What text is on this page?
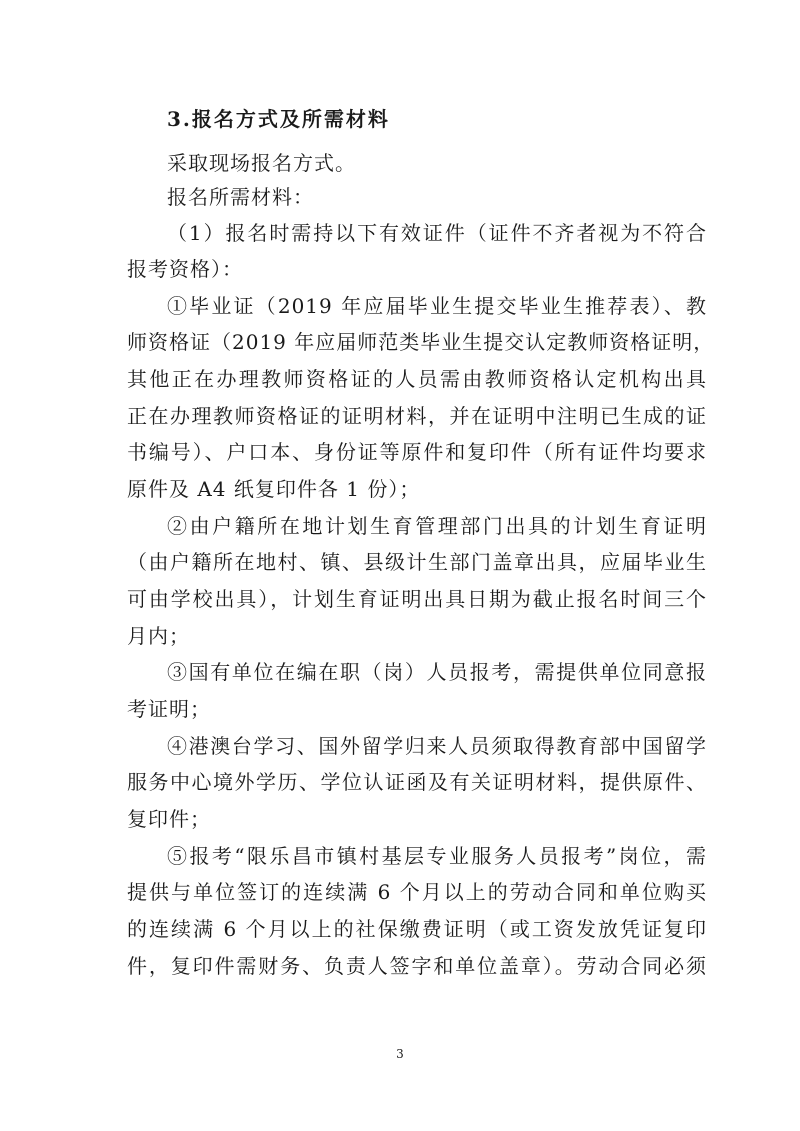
3.报名方式及所需材料
采取现场报名方式。
报名所需材料：
（1）报名时需持以下有效证件（证件不齐者视为不符合
报考资格）：
①毕业证（2019 年应届毕业生提交毕业生推荐表）、教
师资格证（2019 年应届师范类毕业生提交认定教师资格证明，
其他正在办理教师资格证的人员需由教师资格认定机构出具
正在办理教师资格证的证明材料，并在证明中注明已生成的证
书编号）、户口本、身份证等原件和复印件（所有证件均要求
原件及 A4 纸复印件各 1 份）；
②由户籍所在地计划生育管理部门出具的计划生育证明
（由户籍所在地村、镇、县级计生部门盖章出具，应届毕业生
可由学校出具），计划生育证明出具日期为截止报名时间三个
月内；
③国有单位在编在职（岗）人员报考，需提供单位同意报
考证明；
④港澳台学习、国外留学归来人员须取得教育部中国留学
服务中心境外学历、学位认证函及有关证明材料，提供原件、
复印件；
⑤报考“限乐昌市镇村基层专业服务人员报考”岗位，需
提供与单位签订的连续满 6 个月以上的劳动合同和单位购买
的连续满 6 个月以上的社保缴费证明（或工资发放凭证复印
件，复印件需财务、负责人签字和单位盖章）。劳动合同必须
3
